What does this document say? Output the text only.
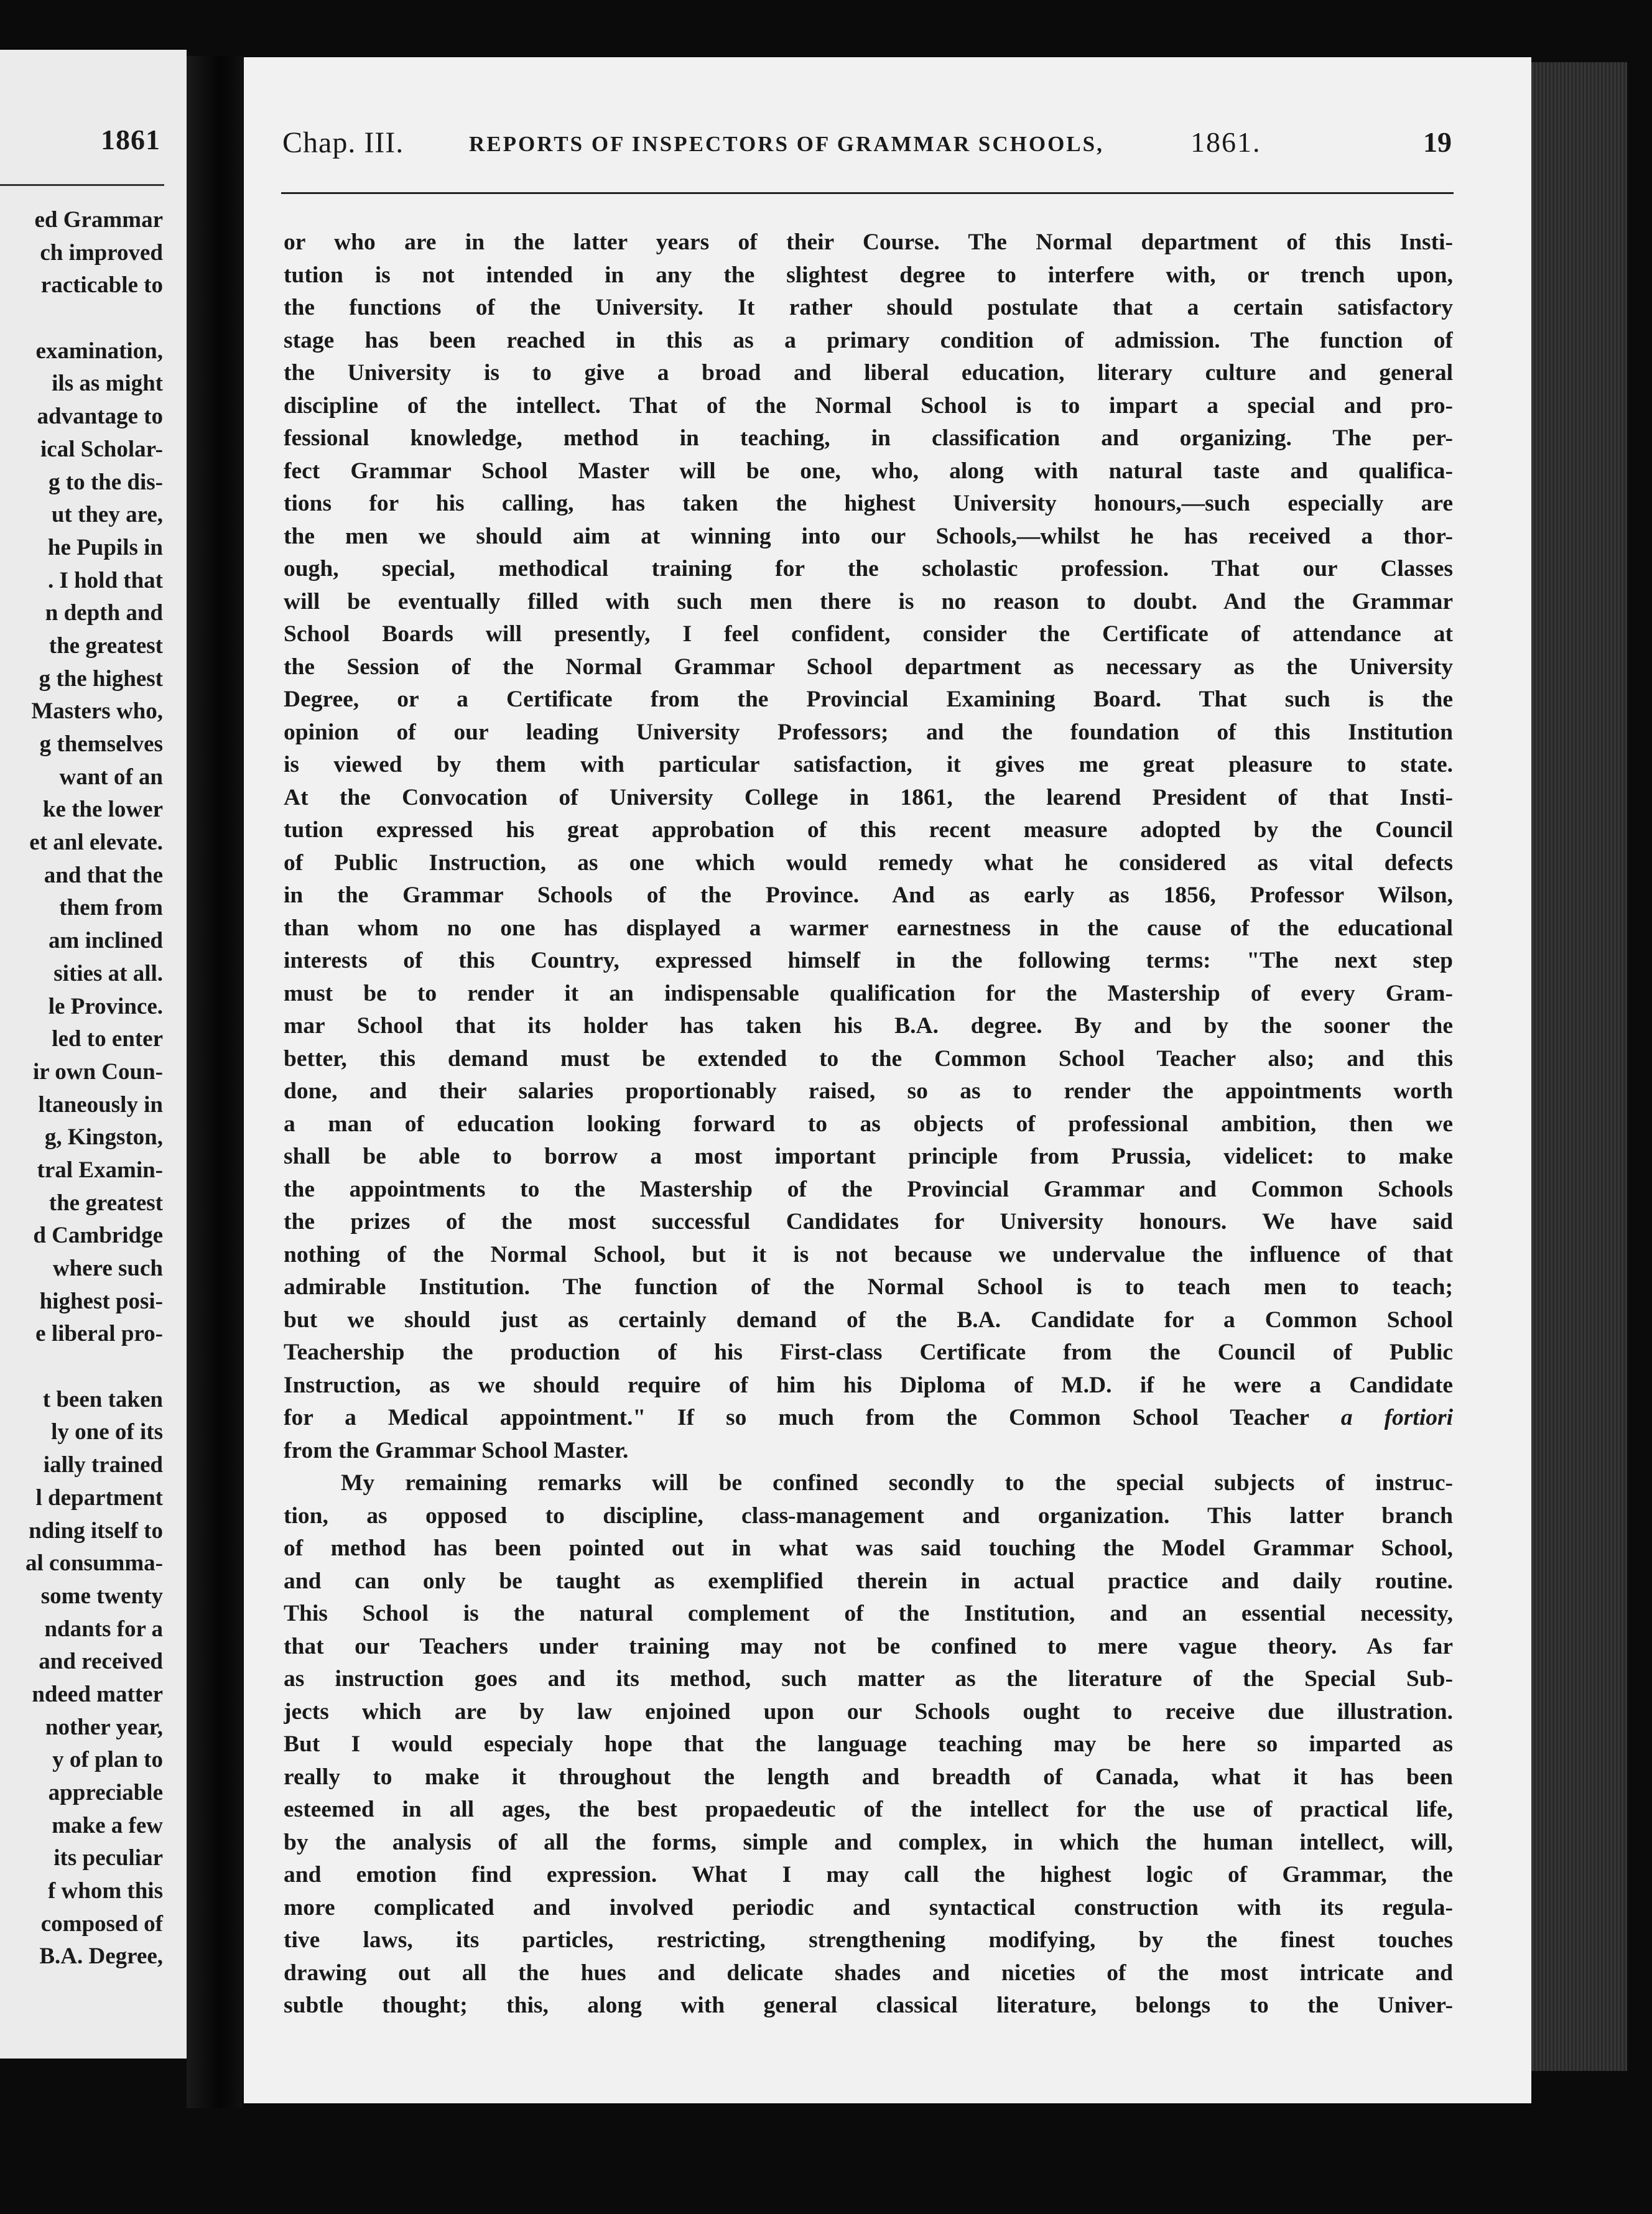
1861
ed Grammar
ch improved
racticable to
examination,
ils as might
advantage to
ical Scholar-
g to the dis-
ut they are,
he Pupils in
. I hold that
n depth and
the greatest
g the highest
Masters who,
g themselves
want of an
ke the lower
et anl elevate.
and that the
them from
am inclined
sities at all.
le Province.
led to enter
ir own Coun-
ltaneously in
g, Kingston,
tral Examin-
the greatest
d Cambridge
where such
highest posi-
e liberal pro-
t been taken
ly one of its
ially trained
l department
nding itself to
al consumma-
some twenty
ndants for a
and received
ndeed matter
nother year,
y of plan to
appreciable
make a few
its peculiar
f whom this
composed of
B.A. Degree,
Chap. III.	REPORTS OF INSPECTORS OF GRAMMAR SCHOOLS,	1861.	19
or who are in the latter years of their Course. The Normal department of this Insti-
tution is not intended in any the slightest degree to interfere with, or trench upon,
the functions of the University. It rather should postulate that a certain satisfactory
stage has been reached in this as a primary condition of admission. The function of
the University is to give a broad and liberal education, literary culture and general
discipline of the intellect. That of the Normal School is to impart a special and pro-
fessional knowledge, method in teaching, in classification and organizing. The per-
fect Grammar School Master will be one, who, along with natural taste and qualifica-
tions for his calling, has taken the highest University honours,—such especially are
the men we should aim at winning into our Schools,—whilst he has received a thor-
ough, special, methodical training for the scholastic profession. That our Classes
will be eventually filled with such men there is no reason to doubt. And the Grammar
School Boards will presently, I feel confident, consider the Certificate of attendance at
the Session of the Normal Grammar School department as necessary as the University
Degree, or a Certificate from the Provincial Examining Board. That such is the
opinion of our leading University Professors; and the foundation of this Institution
is viewed by them with particular satisfaction, it gives me great pleasure to state.
At the Convocation of University College in 1861, the learend President of that Insti-
tution expressed his great approbation of this recent measure adopted by the Council
of Public Instruction, as one which would remedy what he considered as vital defects
in the Grammar Schools of the Province. And as early as 1856, Professor Wilson,
than whom no one has displayed a warmer earnestness in the cause of the educational
interests of this Country, expressed himself in the following terms: "The next step
must be to render it an indispensable qualification for the Mastership of every Gram-
mar School that its holder has taken his B.A. degree. By and by the sooner the
better, this demand must be extended to the Common School Teacher also; and this
done, and their salaries proportionably raised, so as to render the appointments worth
a man of education looking forward to as objects of professional ambition, then we
shall be able to borrow a most important principle from Prussia, videlicet: to make
the appointments to the Mastership of the Provincial Grammar and Common Schools
the prizes of the most successful Candidates for University honours. We have said
nothing of the Normal School, but it is not because we undervalue the influence of that
admirable Institution. The function of the Normal School is to teach men to teach;
but we should just as certainly demand of the B.A. Candidate for a Common School
Teachership the production of his First-class Certificate from the Council of Public
Instruction, as we should require of him his Diploma of M.D. if he were a Candidate
for a Medical appointment." If so much from the Common School Teacher a fortiori
from the Grammar School Master.
My remaining remarks will be confined secondly to the special subjects of instruc-
tion, as opposed to discipline, class-management and organization. This latter branch
of method has been pointed out in what was said touching the Model Grammar School,
and can only be taught as exemplified therein in actual practice and daily routine.
This School is the natural complement of the Institution, and an essential necessity,
that our Teachers under training may not be confined to mere vague theory. As far
as instruction goes and its method, such matter as the literature of the Special Sub-
jects which are by law enjoined upon our Schools ought to receive due illustration.
But I would especialy hope that the language teaching may be here so imparted as
really to make it throughout the length and breadth of Canada, what it has been
esteemed in all ages, the best propaedeutic of the intellect for the use of practical life,
by the analysis of all the forms, simple and complex, in which the human intellect, will,
and emotion find expression. What I may call the highest logic of Grammar, the
more complicated and involved periodic and syntactical construction with its regula-
tive laws, its particles, restricting, strengthening modifying, by the finest touches
drawing out all the hues and delicate shades and niceties of the most intricate and
subtle thought; this, along with general classical literature, belongs to the Univer-
